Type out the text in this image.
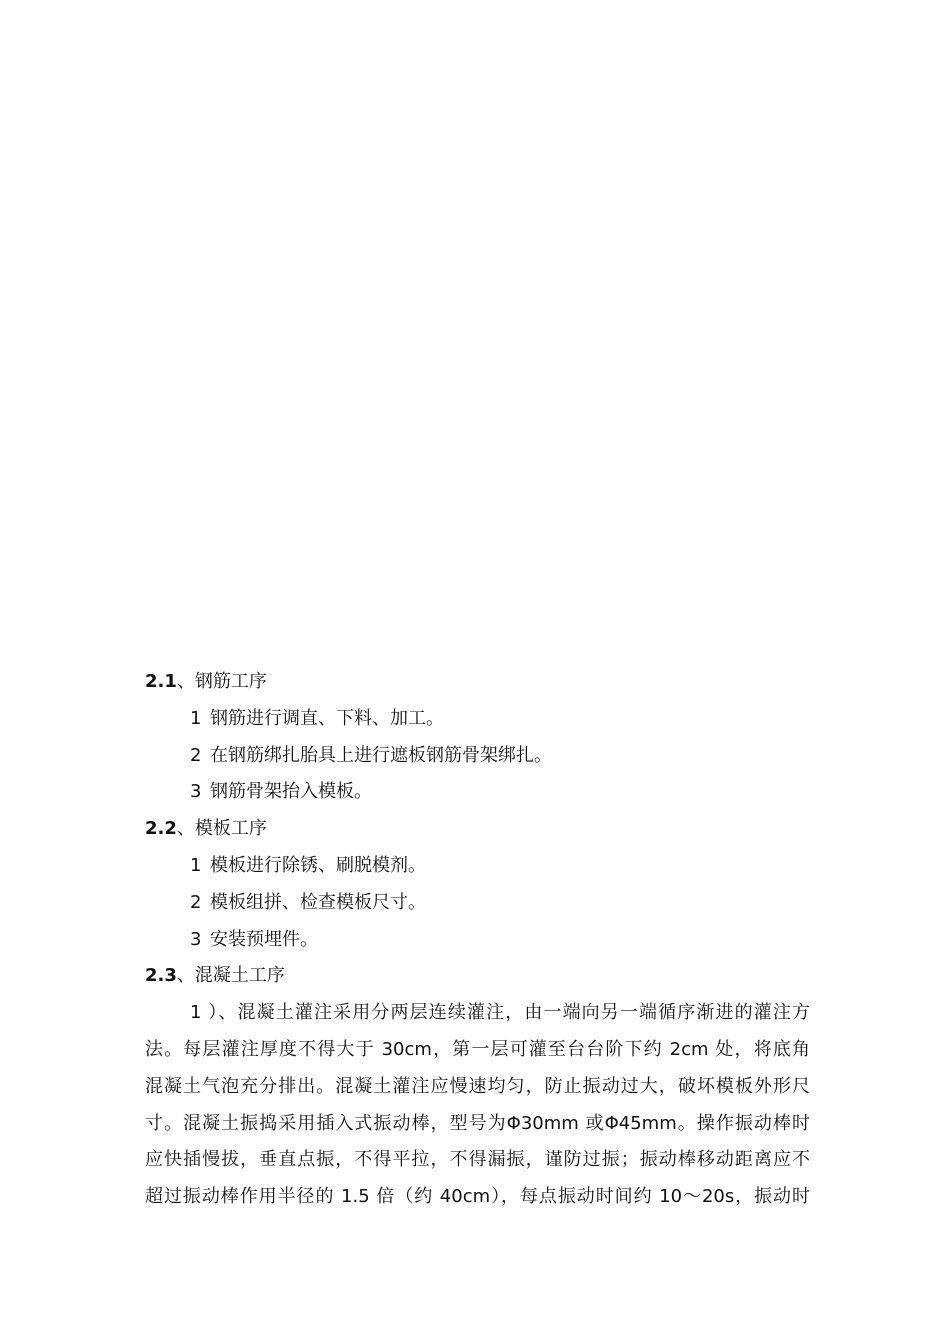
2.1、钢筋工序
1 钢筋进行调直、下料、加工。
2 在钢筋绑扎胎具上进行遮板钢筋骨架绑扎。
3 钢筋骨架抬入模板。
2.2、模板工序
1 模板进行除锈、刷脱模剂。
2 模板组拼、检查模板尺寸。
3 安装预埋件。
2.3、混凝土工序
1 ）、混凝土灌注采用分两层连续灌注，由一端向另一端循序渐进的灌注方
法。每层灌注厚度不得大于 30cm，第一层可灌至台台阶下约 2cm 处，将底角
混凝土气泡充分排出。混凝土灌注应慢速均匀，防止振动过大，破坏模板外形尺
寸。混凝土振捣采用插入式振动棒，型号为Φ30mm 或Φ45mm。操作振动棒时
应快插慢拔，垂直点振，不得平拉，不得漏振，谨防过振；振动棒移动距离应不
超过振动棒作用半径的 1.5 倍（约 40cm），每点振动时间约 10～20s，振动时
